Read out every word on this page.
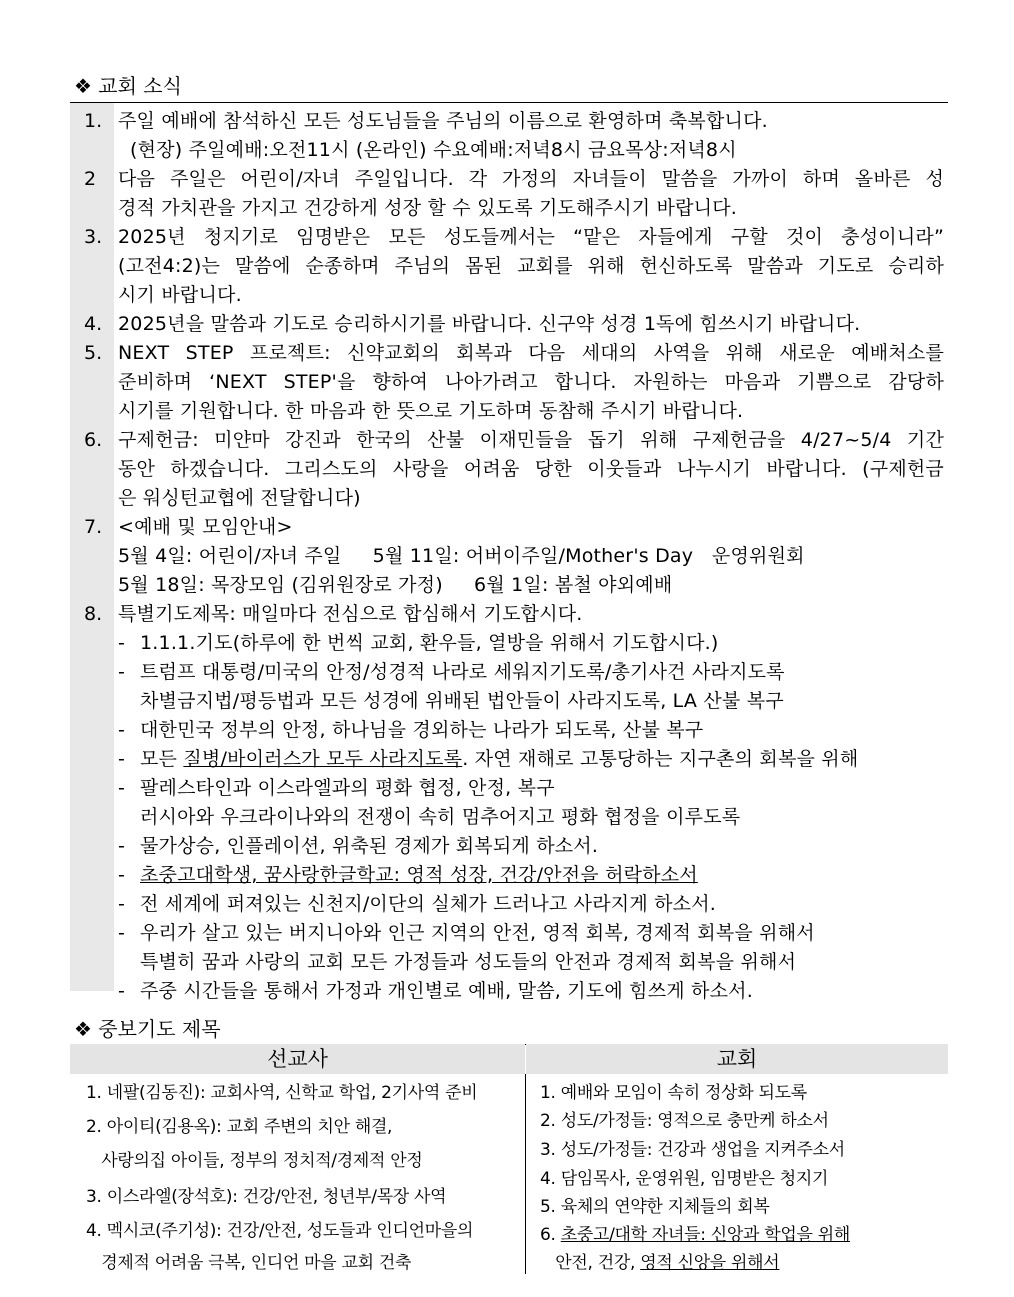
❖ 교회 소식
1. 주일 예배에 참석하신 모든 성도님들을 주님의 이름으로 환영하며 축복합니다.
(현장) 주일예배:오전11시 (온라인) 수요예배:저녁8시 금요목상:저녁8시
2 다음 주일은 어린이/자녀 주일입니다. 각 가정의 자녀들이 말씀을 가까이 하며 올바른 성
경적 가치관을 가지고 건강하게 성장 할 수 있도록 기도해주시기 바랍니다.
3. 2025년 청지기로 임명받은 모든 성도들께서는 “맡은 자들에게 구할 것이 충성이니라”
(고전4:2)는 말씀에 순종하며 주님의 몸된 교회를 위해 헌신하도록 말씀과 기도로 승리하
시기 바랍니다.
4. 2025년을 말씀과 기도로 승리하시기를 바랍니다. 신구약 성경 1독에 힘쓰시기 바랍니다.
5. NEXT STEP 프로젝트: 신약교회의 회복과 다음 세대의 사역을 위해 새로운 예배처소를
준비하며 ‘NEXT STEP'을 향하여 나아가려고 합니다. 자원하는 마음과 기쁨으로 감당하
시기를 기원합니다. 한 마음과 한 뜻으로 기도하며 동참해 주시기 바랍니다.
6. 구제헌금: 미얀마 강진과 한국의 산불 이재민들을 돕기 위해 구제헌금을 4/27~5/4 기간
동안 하겠습니다. 그리스도의 사랑을 어려움 당한 이웃들과 나누시기 바랍니다. (구제헌금
은 워싱턴교협에 전달합니다)
7. <예배 및 모임안내>
5월 4일: 어린이/자녀 주일     5월 11일: 어버이주일/Mother's Day   운영위원회
5월 18일: 목장모임 (김위원장로 가정)     6월 1일: 봄철 야외예배
8. 특별기도제목: 매일마다 전심으로 합심해서 기도합시다.
- 1.1.1.기도(하루에 한 번씩 교회, 환우들, 열방을 위해서 기도합시다.)
- 트럼프 대통령/미국의 안정/성경적 나라로 세워지기도록/총기사건 사라지도록
차별금지법/평등법과 모든 성경에 위배된 법안들이 사라지도록, LA 산불 복구
- 대한민국 정부의 안정, 하나님을 경외하는 나라가 되도록, 산불 복구
- 모든 질병/바이러스가 모두 사라지도록. 자연 재해로 고통당하는 지구촌의 회복을 위해
- 팔레스타인과 이스라엘과의 평화 협정, 안정, 복구
러시아와 우크라이나와의 전쟁이 속히 멈추어지고 평화 협정을 이루도록
- 물가상승, 인플레이션, 위축된 경제가 회복되게 하소서.
- 초중고대학생, 꿈사랑한글학교: 영적 성장, 건강/안전을 허락하소서
- 전 세계에 퍼져있는 신천지/이단의 실체가 드러나고 사라지게 하소서.
- 우리가 살고 있는 버지니아와 인근 지역의 안전, 영적 회복, 경제적 회복을 위해서
특별히 꿈과 사랑의 교회 모든 가정들과 성도들의 안전과 경제적 회복을 위해서
- 주중 시간들을 통해서 가정과 개인별로 예배, 말씀, 기도에 힘쓰게 하소서.
❖ 중보기도 제목
선교사	교회
1. 네팔(김동진): 교회사역, 신학교 학업, 2기사역 준비
2. 아이티(김용옥): 교회 주변의 치안 해결,
사랑의집 아이들, 정부의 정치적/경제적 안정
3. 이스라엘(장석호): 건강/안전, 청년부/목장 사역
4. 멕시코(주기성): 건강/안전, 성도들과 인디언마을의
경제적 어려움 극복, 인디언 마을 교회 건축
1. 예배와 모임이 속히 정상화 되도록
2. 성도/가정들: 영적으로 충만케 하소서
3. 성도/가정들: 건강과 생업을 지켜주소서
4. 담임목사, 운영위원, 임명받은 청지기
5. 육체의 연약한 지체들의 회복
6. 초중고/대학 자녀들: 신앙과 학업을 위해
안전, 건강, 영적 신앙을 위해서
